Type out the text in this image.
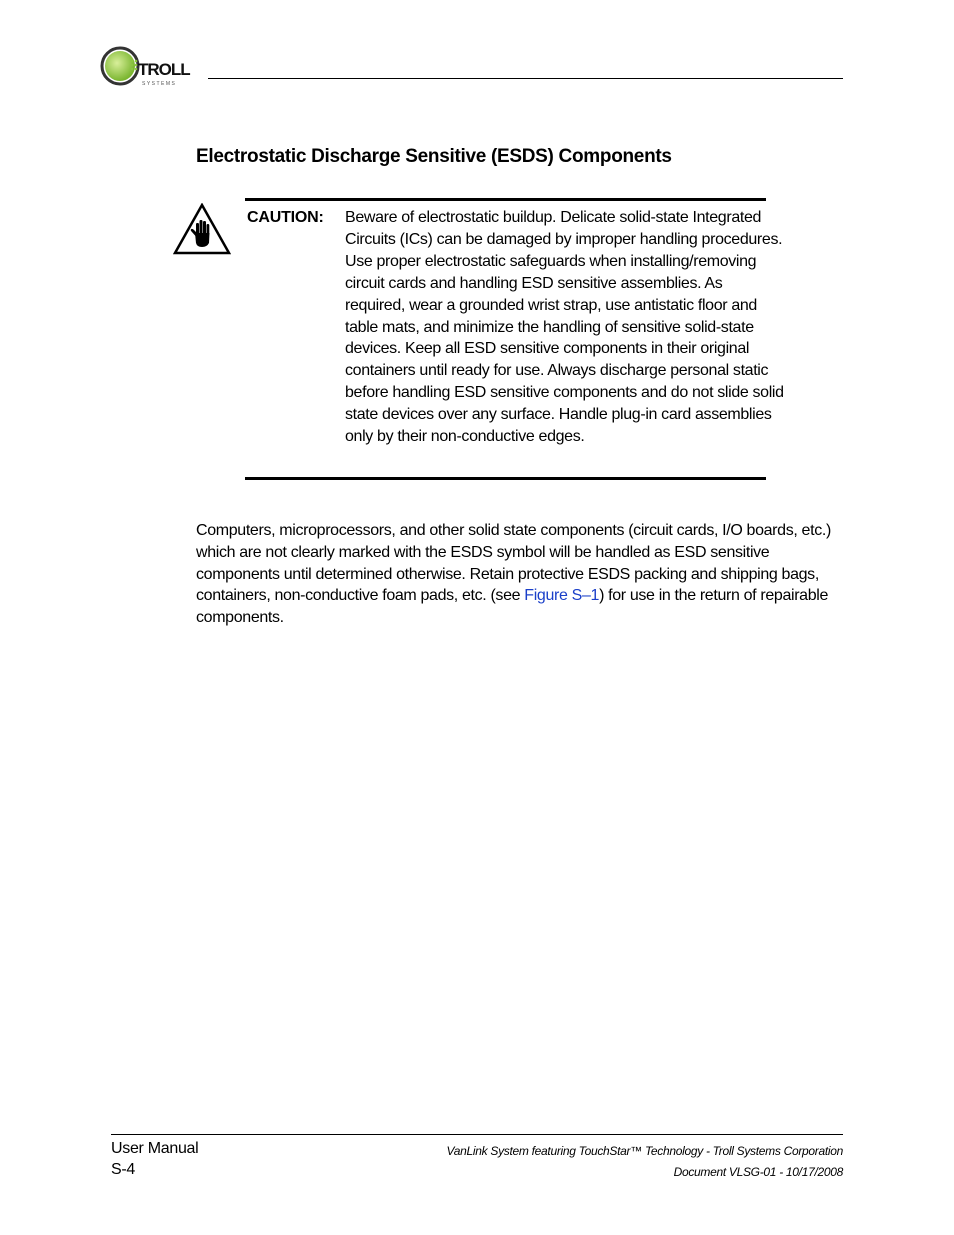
TROLL
SYSTEMS
Electrostatic Discharge Sensitive (ESDS) Components
CAUTION: Beware of electrostatic buildup. Delicate solid-state Integrated Circuits (ICs) can be damaged by improper handling procedures. Use proper electrostatic safeguards when installing/removing circuit cards and handling ESD sensitive assemblies. As required, wear a grounded wrist strap, use antistatic floor and table mats, and minimize the handling of sensitive solid-state devices. Keep all ESD sensitive components in their original containers until ready for use. Always discharge personal static before handling ESD sensitive components and do not slide solid state devices over any surface. Handle plug-in card assemblies only by their non-conductive edges.

Computers, microprocessors, and other solid state components (circuit cards, I/O boards, etc.) which are not clearly marked with the ESDS symbol will be handled as ESD sensitive components until determined otherwise. Retain protective ESDS packing and shipping bags, containers, non-conductive foam pads, etc. (see Figure S–1) for use in the return of repairable components.

User Manual
S-4
VanLink System featuring TouchStar™ Technology - Troll Systems Corporation
Document VLSG-01 - 10/17/2008
